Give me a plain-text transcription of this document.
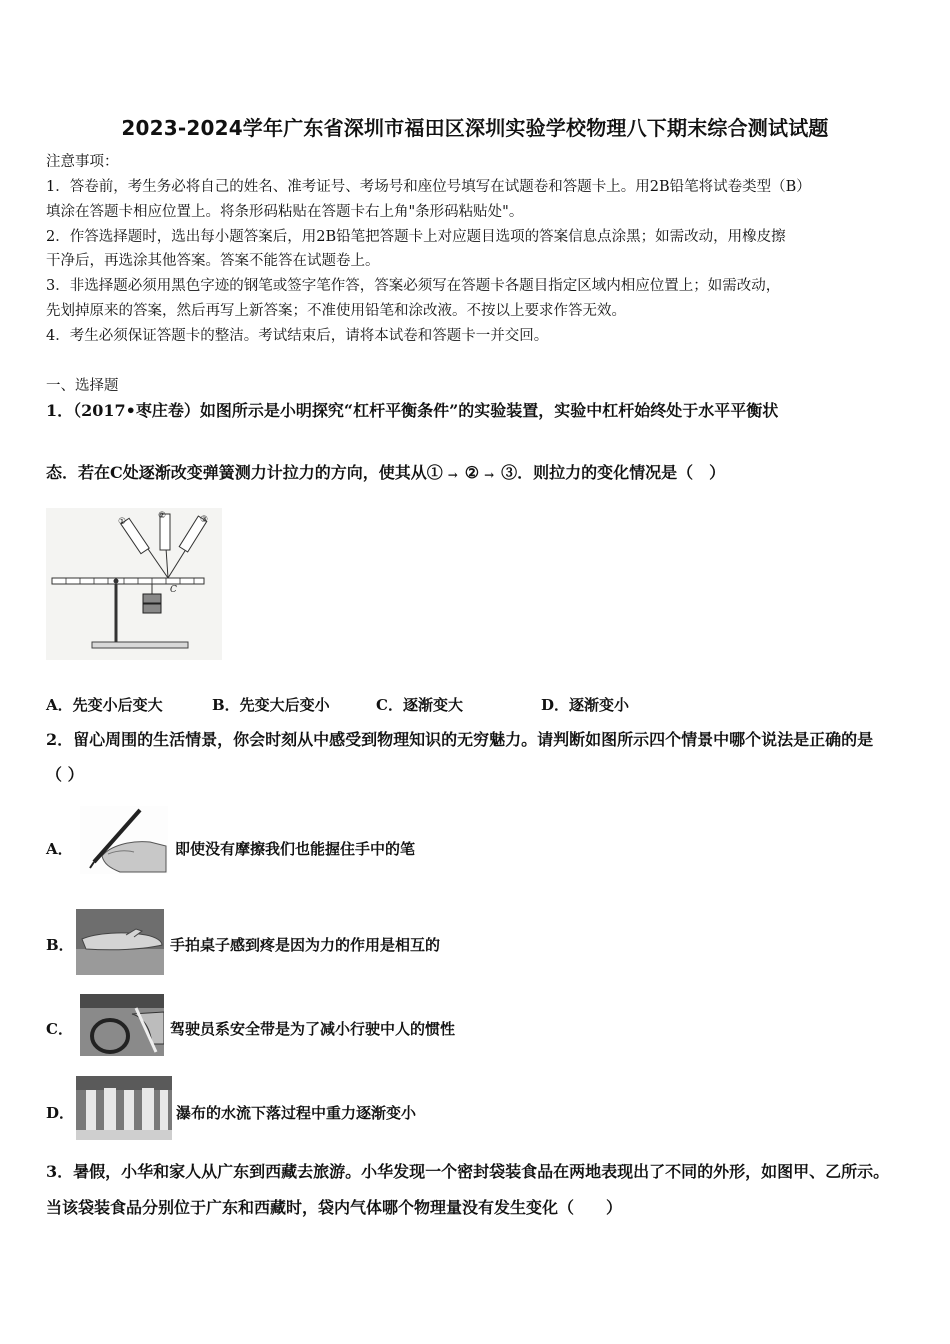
2023-2024学年广东省深圳市福田区深圳实验学校物理八下期末综合测试试题
注意事项：
1．答卷前，考生务必将自己的姓名、准考证号、考场号和座位号填写在试题卷和答题卡上。用2B铅笔将试卷类型（B）
填涂在答题卡相应位置上。将条形码粘贴在答题卡右上角"条形码粘贴处"。
2．作答选择题时，选出每小题答案后，用2B铅笔把答题卡上对应题目选项的答案信息点涂黑；如需改动，用橡皮擦
干净后，再选涂其他答案。答案不能答在试题卷上。
3．非选择题必须用黑色字迹的钢笔或签字笔作答，答案必须写在答题卡各题目指定区域内相应位置上；如需改动，
先划掉原来的答案，然后再写上新答案；不准使用铅笔和涂改液。不按以上要求作答无效。
4．考生必须保证答题卡的整洁。考试结束后，请将本试卷和答题卡一并交回。
一、选择题
1．（2017•枣庄卷）如图所示是小明探究“杠杆平衡条件”的实验装置，实验中杠杆始终处于水平平衡状
态．若在C处逐渐改变弹簧测力计拉力的方向，使其从① → ② → ③．则拉力的变化情况是（　）
①
②	③
C
A．先变小后变大	B．先变大后变小	C．逐渐变大	D．逐渐变小
2．留心周围的生活情景，你会时刻从中感受到物理知识的无穷魅力。请判断如图所示四个情景中哪个说法是正确的是
（ ）
A．	即使没有摩擦我们也能握住手中的笔
B．	手拍桌子感到疼是因为力的作用是相互的
C．	驾驶员系安全带是为了减小行驶中人的惯性
D．	瀑布的水流下落过程中重力逐渐变小
3．暑假，小华和家人从广东到西藏去旅游。小华发现一个密封袋装食品在两地表现出了不同的外形，如图甲、乙所示。
当该袋装食品分别位于广东和西藏时，袋内气体哪个物理量没有发生变化（　　）
